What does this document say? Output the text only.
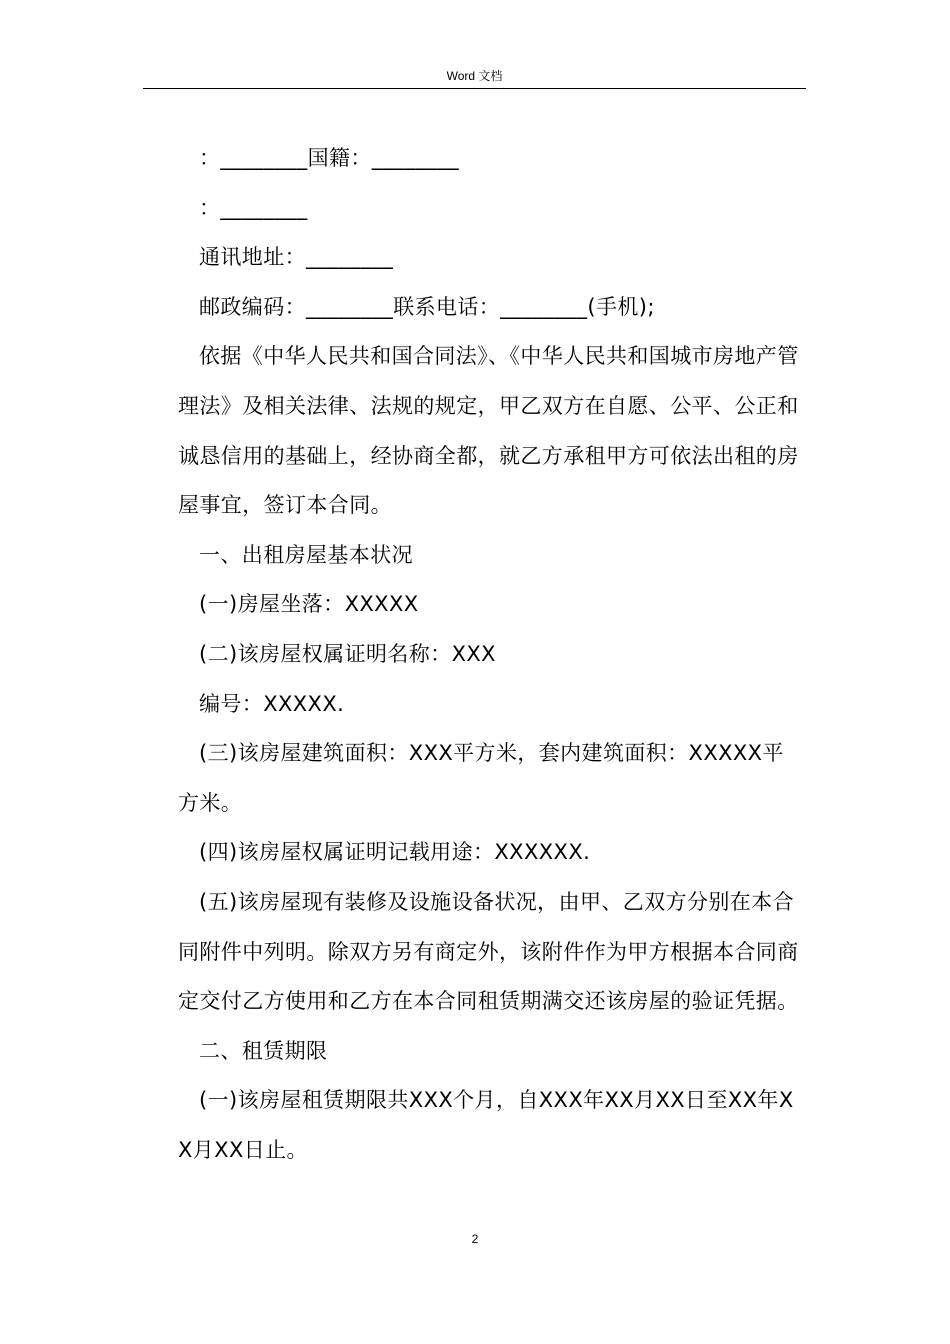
Word 文档

：________国籍：________

：________

通讯地址：________

邮政编码：________联系电话：________(手机);

依据《中华人民共和国合同法》、《中华人民共和国城市房地产管理法》及相关法律、法规的规定，甲乙双方在自愿、公平、公正和诚恳信用的基础上，经协商全都，就乙方承租甲方可依法出租的房屋事宜，签订本合同。

一、出租房屋基本状况

(一)房屋坐落：XXXXX

(二)该房屋权属证明名称：XXX

编号：XXXXX.

(三)该房屋建筑面积：XXX平方米，套内建筑面积：XXXXX平方米。

(四)该房屋权属证明记载用途：XXXXXX.

(五)该房屋现有装修及设施设备状况，由甲、乙双方分别在本合同附件中列明。除双方另有商定外，该附件作为甲方根据本合同商定交付乙方使用和乙方在本合同租赁期满交还该房屋的验证凭据。

二、租赁期限

(一)该房屋租赁期限共XXX个月，自XXX年XX月XX日至XX年XX月XX日止。

2
